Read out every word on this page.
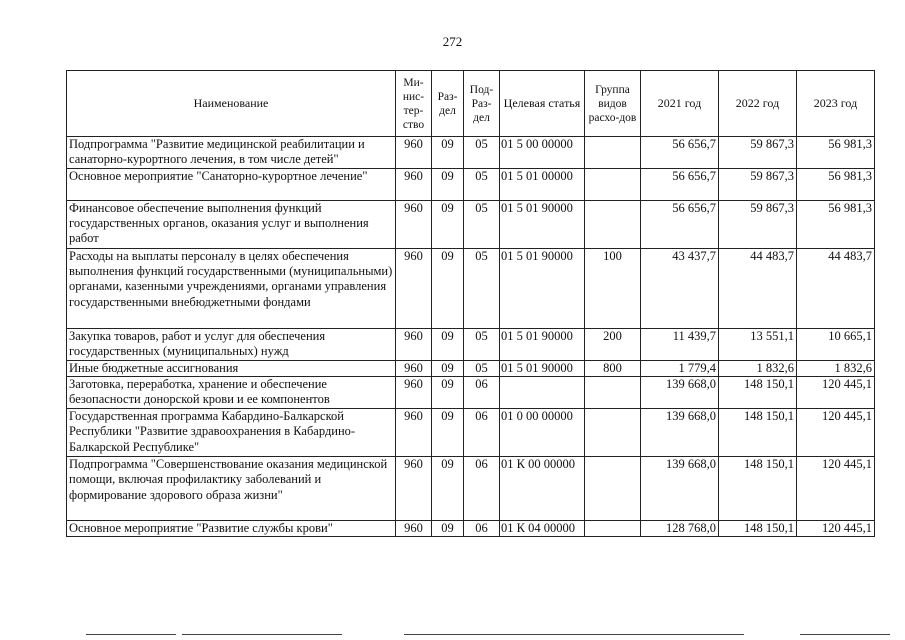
272
Наименование	Ми-нис-тер-ство	Раз-дел	Под-Раз-дел	Целевая статья	Группа видов расхо-дов	2021 год	2022 год	2023 год
Подпрограмма "Развитие медицинской реабилитации и санаторно-курортного лечения, в том числе детей"	960	09	05	01 5 00 00000		56 656,7	59 867,3	56 981,3
Основное мероприятие "Санаторно-курортное лечение"	960	09	05	01 5 01 00000		56 656,7	59 867,3	56 981,3
Финансовое обеспечение выполнения функций государственных органов, оказания услуг и выполнения работ	960	09	05	01 5 01 90000		56 656,7	59 867,3	56 981,3
Расходы на выплаты персоналу в целях обеспечения выполнения функций государственными (муниципальными) органами, казенными учреждениями, органами управления государственными внебюджетными фондами	960	09	05	01 5 01 90000	100	43 437,7	44 483,7	44 483,7
Закупка товаров, работ и услуг для обеспечения государственных (муниципальных) нужд	960	09	05	01 5 01 90000	200	11 439,7	13 551,1	10 665,1
Иные бюджетные ассигнования	960	09	05	01 5 01 90000	800	1 779,4	1 832,6	1 832,6
Заготовка, переработка, хранение и обеспечение безопасности донорской крови и ее компонентов	960	09	06			139 668,0	148 150,1	120 445,1
Государственная программа Кабардино-Балкарской Республики "Развитие здравоохранения в Кабардино-Балкарской Республике"	960	09	06	01 0 00 00000		139 668,0	148 150,1	120 445,1
Подпрограмма "Совершенствование оказания медицинской помощи, включая профилактику заболеваний и формирование здорового образа жизни"	960	09	06	01 К 00 00000		139 668,0	148 150,1	120 445,1
Основное мероприятие "Развитие службы крови"	960	09	06	01 К 04 00000		128 768,0	148 150,1	120 445,1
